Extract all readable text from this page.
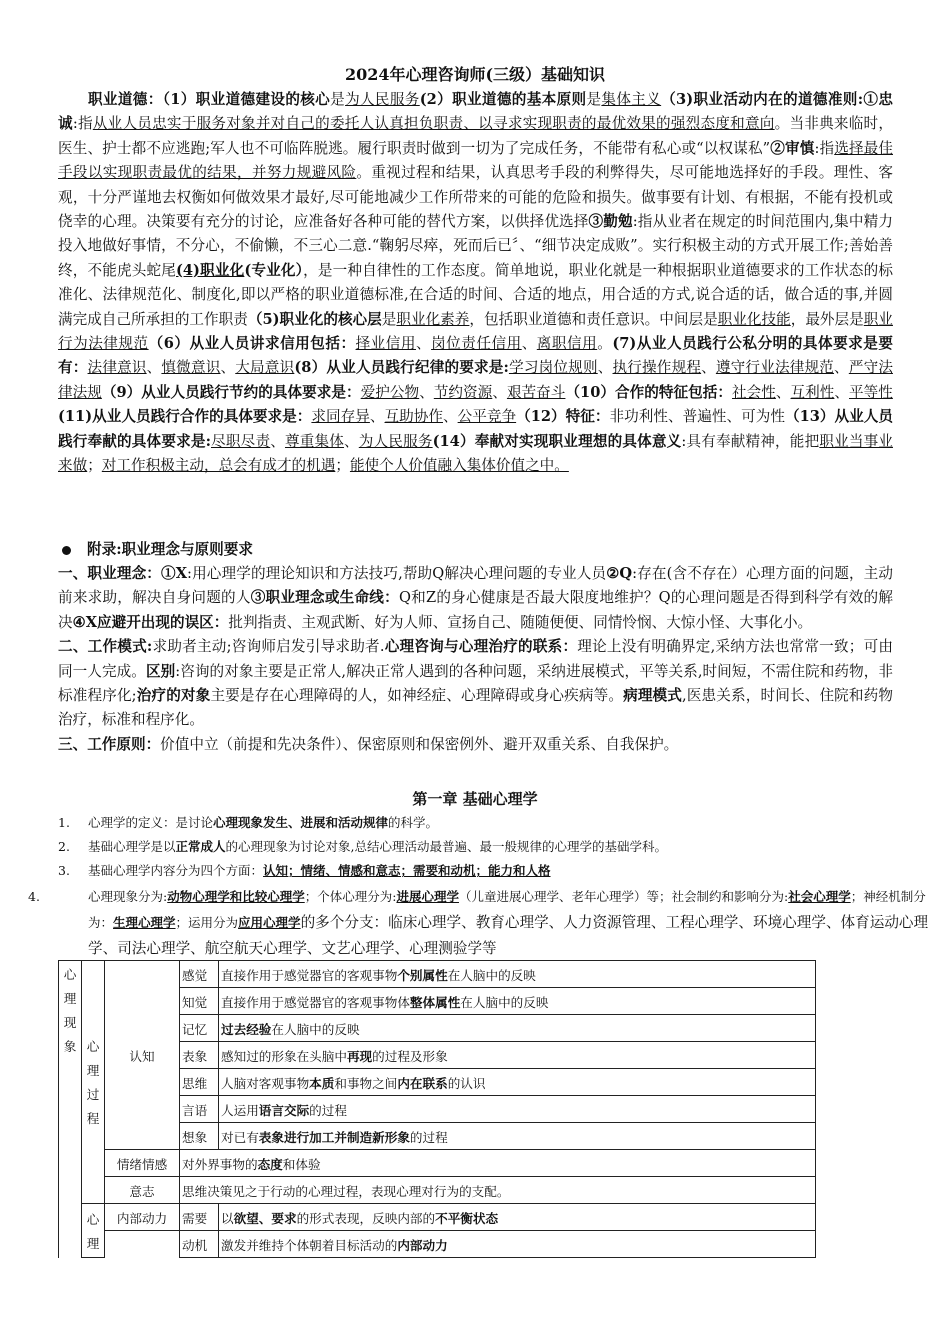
2024年心理咨询师(三级）基础知识
职业道德：（1）职业道德建设的核心是为人民服务(2）职业道德的基本原则是集体主义（3)职业活动内在的道德准则:①忠诚:指从业人员忠实于服务对象并对自己的委托人认真担负职责、以寻求实现职责的最优效果的强烈态度和意向。当非典来临时，医生、护士都不应逃跑;军人也不可临阵脱逃。履行职责时做到一切为了完成任务，不能带有私心或“以权谋私”②审慎:指选择最佳手段以实现职责最优的结果，并努力规避风险。重视过程和结果，认真思考手段的利弊得失，尽可能地选择好的手段。理性、客观，十分严谨地去权衡如何做效果才最好,尽可能地减少工作所带来的可能的危险和损失。做事要有计划、有根据，不能有投机或侥幸的心理。决策要有充分的讨论，应准备好各种可能的替代方案，以供择优选择③勤勉:指从业者在规定的时间范围内,集中精力投入地做好事情，不分心，不偷懒，不三心二意.“鞠躬尽瘁，死而后已〞、“细节决定成败”。实行积极主动的方式开展工作;善始善终，不能虎头蛇尾(4)职业化(专业化），是一种自律性的工作态度。简单地说，职业化就是一种根据职业道德要求的工作状态的标准化、法律规范化、制度化,即以严格的职业道德标准,在合适的时间、合适的地点，用合适的方式,说合适的话，做合适的事,并圆满完成自己所承担的工作职责（5)职业化的核心层是职业化素养，包括职业道德和责任意识。中间层是职业化技能，最外层是职业行为法律规范（6）从业人员讲求信用包括：择业信用、岗位责任信用、离职信用。(7)从业人员践行公私分明的具体要求是要有：法律意识、慎微意识、大局意识(8）从业人员践行纪律的要求是:学习岗位规则、执行操作规程、遵守行业法律规范、严守法律法规（9）从业人员践行节约的具体要求是：爱护公物、节约资源、艰苦奋斗（10）合作的特征包括：社会性、互利性、平等性(11)从业人员践行合作的具体要求是：求同存异、互助协作、公平竞争（12）特征：非功利性、普遍性、可为性（13）从业人员践行奉献的具体要求是:尽职尽责、尊重集体、为人民服务(14）奉献对实现职业理想的具体意义:具有奉献精神，能把职业当事业来做；对工作积极主动，总会有成才的机遇；能使个人价值融入集体价值之中。
附录:职业理念与原则要求
一、职业理念：①X:用心理学的理论知识和方法技巧,帮助Q解决心理问题的专业人员②Q:存在(含不存在）心理方面的问题，主动前来求助，解决自身问题的人③职业理念或生命线：Q和Z的身心健康是否最大限度地维护？Q的心理问题是否得到科学有效的解决④X应避开出现的误区：批判指责、主观武断、好为人师、宣扬自己、随随便便、同情怜悯、大惊小怪、大事化小。
二、工作模式:求助者主动;咨询师启发引导求助者.心理咨询与心理治疗的联系：理论上没有明确界定,采纳方法也常常一致；可由同一人完成。区别:咨询的对象主要是正常人,解决正常人遇到的各种问题，采纳进展模式，平等关系,时间短，不需住院和药物，非标准程序化;治疗的对象主要是存在心理障碍的人，如神经症、心理障碍或身心疾病等。病理模式,医患关系，时间长、住院和药物治疗，标准和程序化。
三、工作原则：价值中立（前提和先决条件）、保密原则和保密例外、避开双重关系、自我保护。
第一章 基础心理学
1. 心理学的定义：是讨论心理现象发生、进展和活动规律的科学。
2. 基础心理学是以正常成人的心理现象为讨论对象,总结心理活动最普遍、最一般规律的心理学的基础学科。
3. 基础心理学内容分为四个方面：认知；情绪、情感和意志；需要和动机；能力和人格
4.	心理现象分为:动物心理学和比较心理学；个体心理分为:进展心理学（儿童进展心理学、老年心理学）等；社会制约和影响分为:社会心理学；神经机制分为：生理心理学；运用分为应用心理学的多个分支：临床心理学、教育心理学、人力资源管理、工程心理学、环境心理学、体育运动心理学、司法心理学、航空航天心理学、文艺心理学、心理测验学等
心
理
现
象	心
理
过
程	认知	感觉	直接作用于感觉器官的客观事物个别属性在人脑中的反映
			知觉	直接作用于感觉器官的客观事物体整体属性在人脑中的反映
			记忆	过去经验在人脑中的反映
			表象	感知过的形象在头脑中再现的过程及形象
			思维	人脑对客观事物本质和事物之间内在联系的认识
			言语	人运用语言交际的过程
			想象	对已有表象进行加工并制造新形象的过程
		情绪情感	对外界事物的态度和体验	
		意志	思维决策见之于行动的心理过程，表现心理对行为的支配。	
	心
理	内部动力	需要	以欲望、要求的形式表现，反映内部的不平衡状态
			动机	激发并维持个体朝着目标活动的内部动力
